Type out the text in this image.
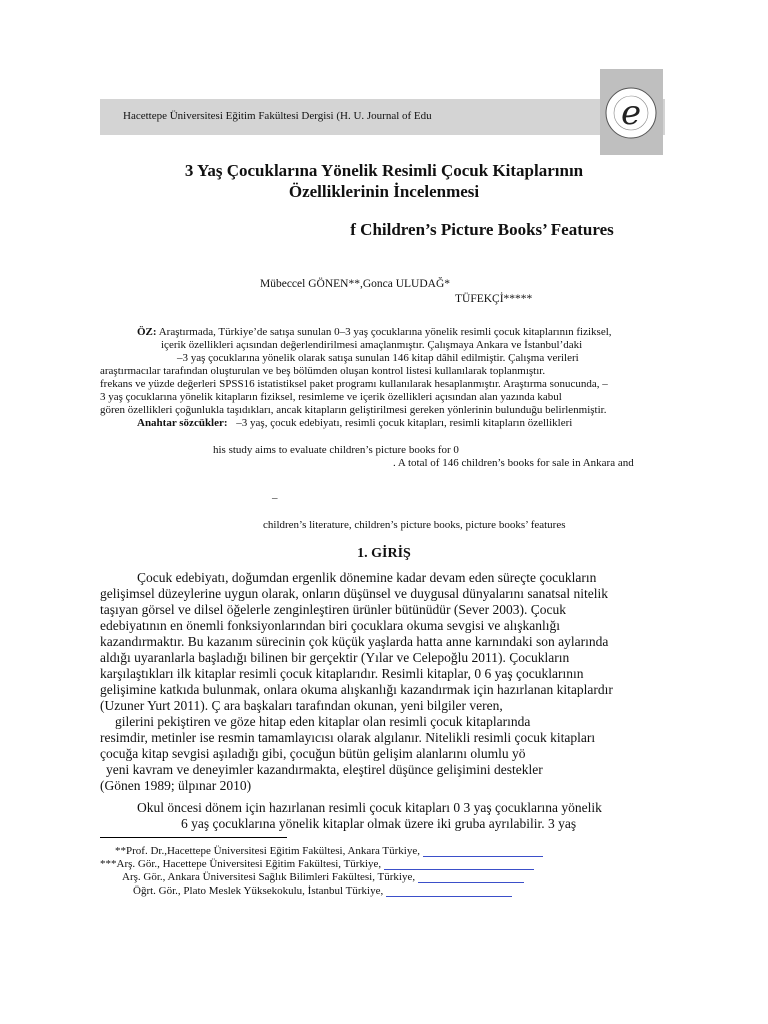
Hacettepe Üniversitesi Eğitim Fakültesi Dergisi (H. U. Journal of Edu	e
3 Yaş Çocuklarına Yönelik Resimli Çocuk Kitaplarının
Özelliklerinin İncelenmesi
f Children’s Picture Books’ Features
Mübeccel GÖNEN**,Gonca ULUDAĞ*
TÜFEKÇİ*****
ÖZ: Araştırmada, Türkiye’de satışa sunulan 0–3 yaş çocuklarına yönelik resimli çocuk kitaplarının fiziksel,
içerik özellikleri açısından değerlendirilmesi amaçlanmıştır. Çalışmaya Ankara ve İstanbul’daki
–3 yaş çocuklarına yönelik olarak satışa sunulan 146 kitap dâhil edilmiştir. Çalışma verileri
araştırmacılar tarafından oluşturulan ve beş bölümden oluşan kontrol listesi kullanılarak toplanmıştır.
frekans ve yüzde değerleri SPSS16 istatistiksel paket programı kullanılarak hesaplanmıştır. Araştırma sonucunda, –
3 yaş çocuklarına yönelik kitapların fiziksel, resimleme ve içerik özellikleri açısından alan yazında kabul
gören özellikleri çoğunlukla taşıdıkları, ancak kitapların geliştirilmesi gereken yönlerinin bulunduğu belirlenmiştir.
Anahtar sözcükler: –3 yaş, çocuk edebiyatı, resimli çocuk kitapları, resimli kitapların özellikleri
his study aims to evaluate children’s picture books for 0
. A total of 146 children’s books for sale in Ankara and
–
children’s literature, children’s picture books, picture books’ features
1. GİRİŞ
Çocuk edebiyatı, doğumdan ergenlik dönemine kadar devam eden süreçte çocukların
gelişimsel düzeylerine uygun olarak, onların düşünsel ve duygusal dünyalarını sanatsal nitelik
taşıyan görsel ve dilsel öğelerle zenginleştiren ürünler bütünüdür (Sever 2003). Çocuk
edebiyatının en önemli fonksiyonlarından biri çocuklara okuma sevgisi ve alışkanlığı
kazandırmaktır. Bu kazanım sürecinin çok küçük yaşlarda hatta anne karnındaki son aylarında
aldığı uyaranlarla başladığı bilinen bir gerçektir (Yılar ve Celepoğlu 2011). Çocukların
karşılaştıkları ilk kitaplar resimli çocuk kitaplarıdır. Resimli kitaplar, 0 6 yaş çocuklarının
gelişimine katkıda bulunmak, onlara okuma alışkanlığı kazandırmak için hazırlanan kitaplardır
(Uzuner Yurt 2011). Ç ara başkaları tarafından okunan, yeni bilgiler veren,
gilerini pekiştiren ve göze hitap eden kitaplar olan resimli çocuk kitaplarında
resimdir, metinler ise resmin tamamlayıcısı olarak algılanır. Nitelikli resimli çocuk kitapları
çocuğa kitap sevgisi aşıladığı gibi, çocuğun bütün gelişim alanlarını olumlu yö
yeni kavram ve deneyimler kazandırmakta, eleştirel düşünce gelişimini destekler
(Gönen 1989; ülpınar 2010)
Okul öncesi dönem için hazırlanan resimli çocuk kitapları 0 3 yaş çocuklarına yönelik
6 yaş çocuklarına yönelik kitaplar olmak üzere iki gruba ayrılabilir. 3 yaş
**Prof. Dr.,Hacettepe Üniversitesi Eğitim Fakültesi, Ankara Türkiye,
***Arş. Gör., Hacettepe Üniversitesi Eğitim Fakültesi, Türkiye,
Arş. Gör., Ankara Üniversitesi Sağlık Bilimleri Fakültesi, Türkiye,
Öğrt. Gör., Plato Meslek Yüksekokulu, İstanbul Türkiye,
